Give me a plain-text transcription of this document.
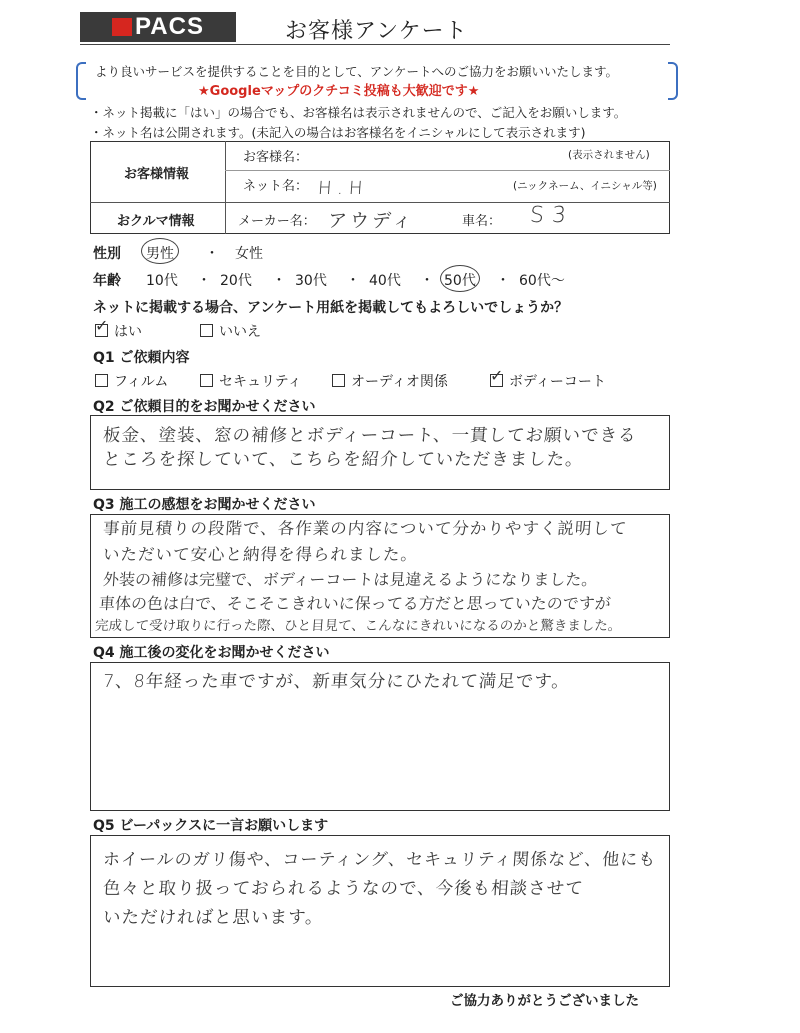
PACS	お客様アンケート
より良いサービスを提供することを目的として、アンケートへのご協力をお願いいたします。
★Googleマップのクチコミ投稿も大歓迎です★
・ネット掲載に「はい」の場合でも、お客様名は表示されませんので、ご記入をお願いします。
・ネット名は公開されます。(未記入の場合はお客様名をイニシャルにして表示されます)
お客様情報
お客様名：	(表示されません)
ネット名： H.H	(ニックネーム、イニシャル等)
おクルマ情報	メーカー名： アウディ	車名： S3
性別 男性 ・ 女性
年齢 10代 ・ 20代 ・ 30代 ・ 40代 ・ 50代 ・ 60代～
ネットに掲載する場合、アンケート用紙を掲載してもよろしいでしょうか？
✓はい	いいえ
Q1 ご依頼内容
フィルム	セキュリティ	オーディオ関係
✓	ボディーコート
Q2 ご依頼目的をお聞かせください
板金、塗装、窓の補修とボディーコート、一貫してお願いできる
ところを探していて、こちらを紹介していただきました。
Q3 施工の感想をお聞かせください
事前見積りの段階で、各作業の内容について分かりやすく説明して
いただいて安心と納得を得られました。
外装の補修は完璧で、ボディーコートは見違えるようになりました。
車体の色は白で、そこそこきれいに保ってる方だと思っていたのですが
完成して受け取りに行った際、ひと目見て、こんなにきれいになるのかと驚きました。
Q4 施工後の変化をお聞かせください
7、8年経った車ですが、新車気分にひたれて満足です。
Q5 ビーパックスに一言お願いします
ホイールのガリ傷や、コーティング、セキュリティ関係など、他にも
色々と取り扱っておられるようなので、今後も相談させて
いただければと思います。
ご協力ありがとうございました
